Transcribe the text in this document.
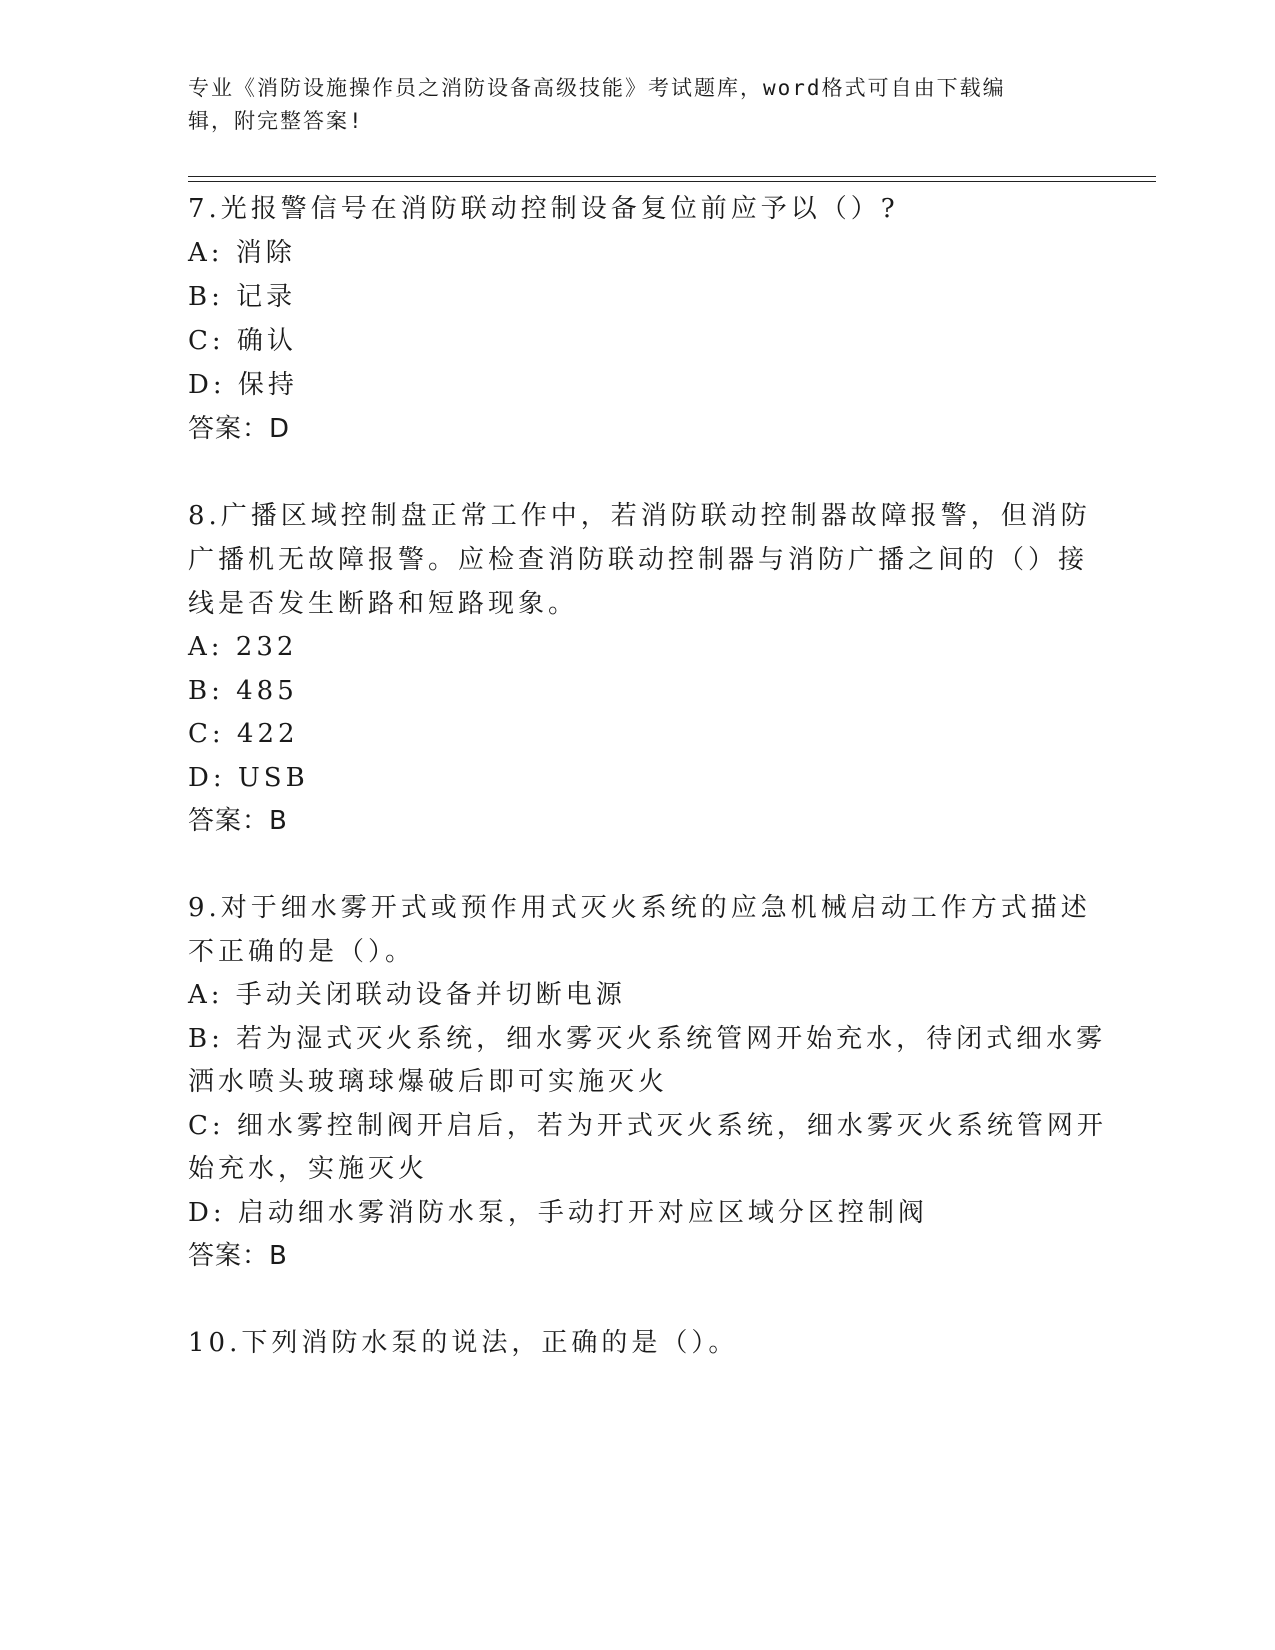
专业《消防设施操作员之消防设备高级技能》考试题库，word格式可自由下载编
辑，附完整答案!
7.光报警信号在消防联动控制设备复位前应予以（）?
A: 消除
B: 记录
C: 确认
D: 保持
答案：D
8.广播区域控制盘正常工作中，若消防联动控制器故障报警，但消防
广播机无故障报警。应检查消防联动控制器与消防广播之间的（）接
线是否发生断路和短路现象。
A: 232
B: 485
C: 422
D: USB
答案：B
9.对于细水雾开式或预作用式灭火系统的应急机械启动工作方式描述
不正确的是（）。
A: 手动关闭联动设备并切断电源
B: 若为湿式灭火系统，细水雾灭火系统管网开始充水，待闭式细水雾
洒水喷头玻璃球爆破后即可实施灭火
C: 细水雾控制阀开启后，若为开式灭火系统，细水雾灭火系统管网开
始充水，实施灭火
D: 启动细水雾消防水泵，手动打开对应区域分区控制阀
答案：B
10.下列消防水泵的说法，正确的是（）。
